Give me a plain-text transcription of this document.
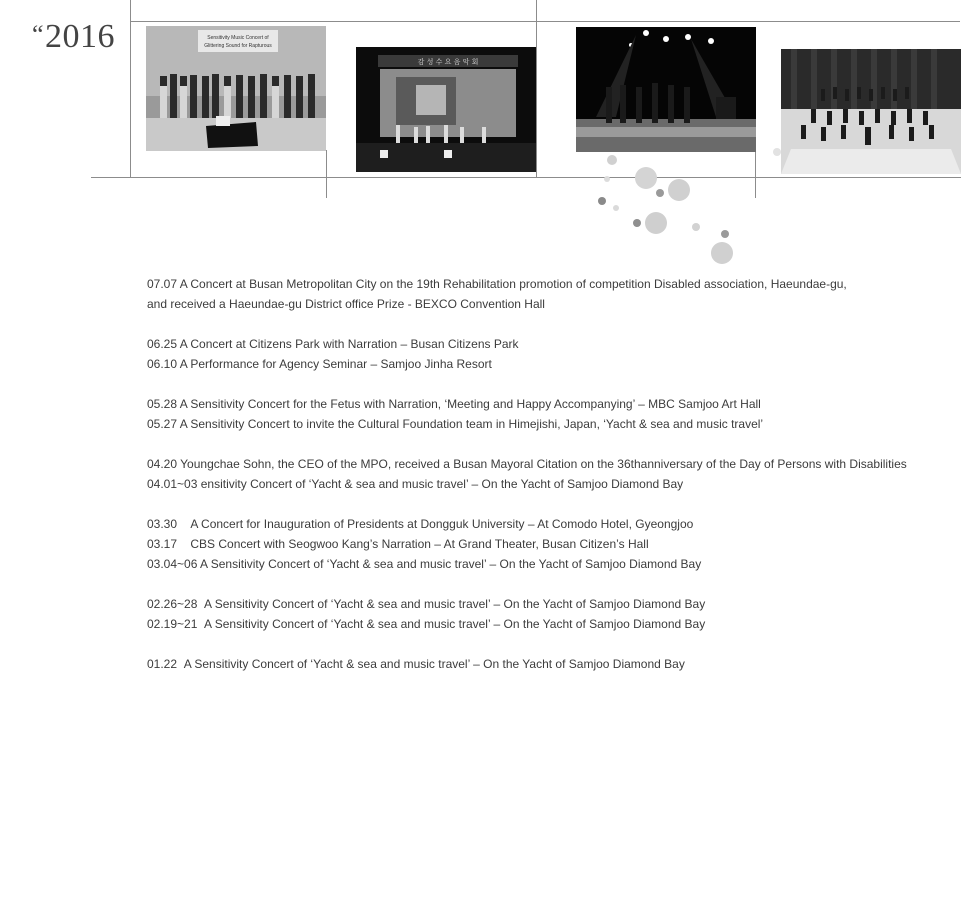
“2016	Sensitivity Music Concert of
Glittering Sound for Rapturous
감 성 수 요 음 악 회
07.07 A Concert at Busan Metropolitan City on the 19th Rehabilitation promotion of competition Disabled association, Haeundae-gu,
and received a Haeundae-gu District office Prize - BEXCO Convention Hall
06.25 A Concert at Citizens Park with Narration – Busan Citizens Park
06.10 A Performance for Agency Seminar – Samjoo Jinha Resort
05.28 A Sensitivity Concert for the Fetus with Narration, ‘Meeting and Happy Accompanying’ – MBC Samjoo Art Hall
05.27 A Sensitivity Concert to invite the Cultural Foundation team in Himejishi, Japan, ‘Yacht & sea and music travel’
04.20 Youngchae Sohn, the CEO of the MPO, received a Busan Mayoral Citation on the 36thanniversary of the Day of Persons with Disabilities
04.01~03 ensitivity Concert of ‘Yacht & sea and music travel’ – On the Yacht of Samjoo Diamond Bay
03.30    A Concert for Inauguration of Presidents at Dongguk University – At Comodo Hotel, Gyeongjoo
03.17    CBS Concert with Seogwoo Kang’s Narration – At Grand Theater, Busan Citizen’s Hall
03.04~06 A Sensitivity Concert of ‘Yacht & sea and music travel’ – On the Yacht of Samjoo Diamond Bay
02.26~28  A Sensitivity Concert of ‘Yacht & sea and music travel’ – On the Yacht of Samjoo Diamond Bay
02.19~21  A Sensitivity Concert of ‘Yacht & sea and music travel’ – On the Yacht of Samjoo Diamond Bay
01.22  A Sensitivity Concert of ‘Yacht & sea and music travel’ – On the Yacht of Samjoo Diamond Bay
